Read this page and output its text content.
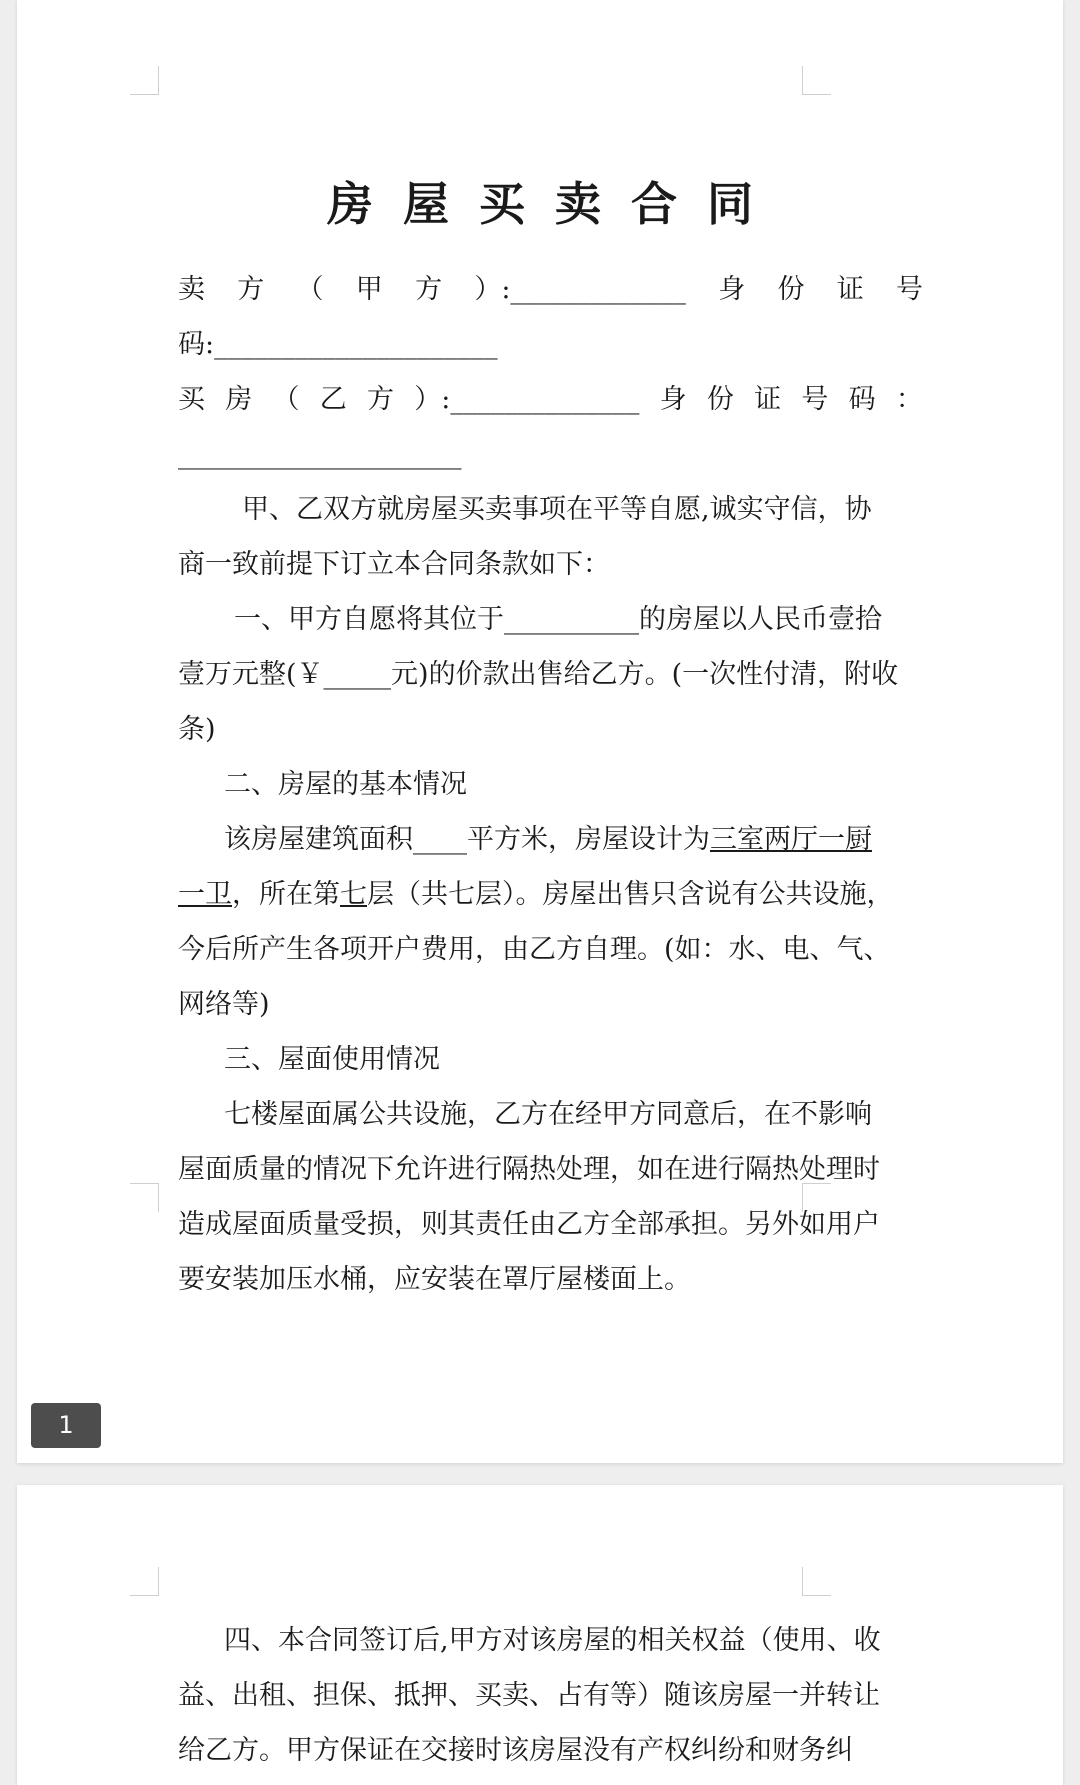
房屋买卖合同
卖 方 （ 甲 方 ）:_____________ 身 份 证 号
码:_____________________
买 房 （ 乙 方 ）:______________ 身 份 证 号 码 ：
_____________________
甲、乙双方就房屋买卖事项在平等自愿,诚实守信，协
商一致前提下订立本合同条款如下：
一、甲方自愿将其位于__________的房屋以人民币壹拾
壹万元整(￥_____元)的价款出售给乙方。(一次性付清，附收
条)
二、房屋的基本情况
该房屋建筑面积____平方米，房屋设计为三室两厅一厨
一卫，所在第七层（共七层）。房屋出售只含说有公共设施，
今后所产生各项开户费用，由乙方自理。(如：水、电、气、
网络等)
三、屋面使用情况
七楼屋面属公共设施，乙方在经甲方同意后，在不影响
屋面质量的情况下允许进行隔热处理，如在进行隔热处理时
造成屋面质量受损，则其责任由乙方全部承担。另外如用户
要安装加压水桶，应安装在罩厅屋楼面上。
1
四、本合同签订后,甲方对该房屋的相关权益（使用、收
益、出租、担保、抵押、买卖、占有等）随该房屋一并转让
给乙方。甲方保证在交接时该房屋没有产权纠纷和财务纠
